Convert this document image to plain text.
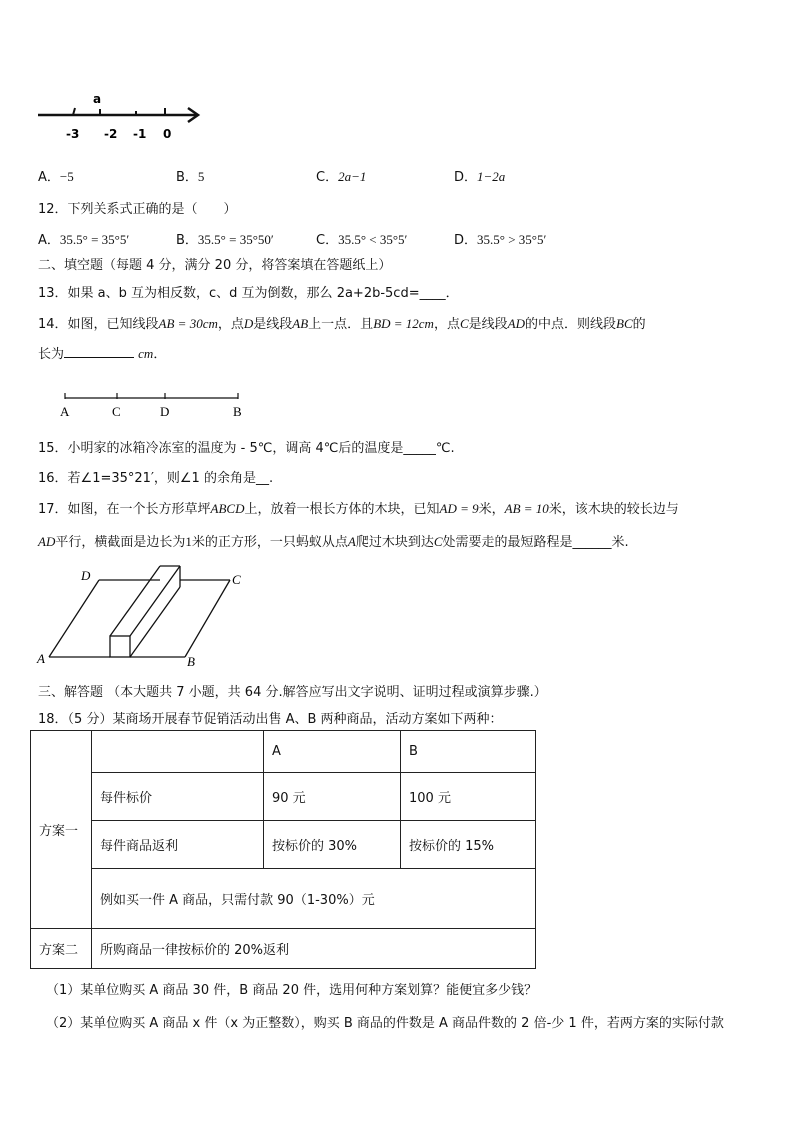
a
-3 -2 -1 0
A．−5	B．5	C．2a−1	D．1−2a
12．下列关系式正确的是（　　）
A．35.5° = 35°5′	B．35.5° = 35°50′	C．35.5° < 35°5′	D．35.5° > 35°5′
二、填空题（每题 4 分，满分 20 分，将答案填在答题纸上）
13．如果 a、b 互为相反数，c、d 互为倒数，那么 2a+2b-5cd=____．
14．如图，已知线段AB = 30cm，点D是线段AB上一点．且BD = 12cm，点C是线段AD的中点．则线段BC的
长为	cm．
A	C	D	B
15．小明家的冰箱冷冻室的温度为 - 5℃，调高 4℃后的温度是_____℃.
16．若∠1=35°21′，则∠1 的余角是__.
17．如图，在一个长方形草坪ABCD上，放着一根长方体的木块，已知AD = 9米，AB = 10米，该木块的较长边与
AD平行，横截面是边长为1米的正方形，一只蚂蚁从点A爬过木块到达C处需要走的最短路程是______米.
D	C
A	B
三、解答题 （本大题共 7 小题，共 64 分.解答应写出文字说明、证明过程或演算步骤.）
18．（5 分）某商场开展春节促销活动出售 A、B 两种商品，活动方案如下两种：
方案一		A	B
	每件标价	90 元	100 元
	每件商品返利	按标价的 30%	按标价的 15%
	例如买一件 A 商品，只需付款 90（1-30%）元		
方案二	所购商品一律按标价的 20%返利		
（1）某单位购买 A 商品 30 件，B 商品 20 件，选用何种方案划算？能便宜多少钱？
（2）某单位购买 A 商品 x 件（x 为正整数），购买 B 商品的件数是 A 商品件数的 2 倍-少 1 件，若两方案的实际付款
